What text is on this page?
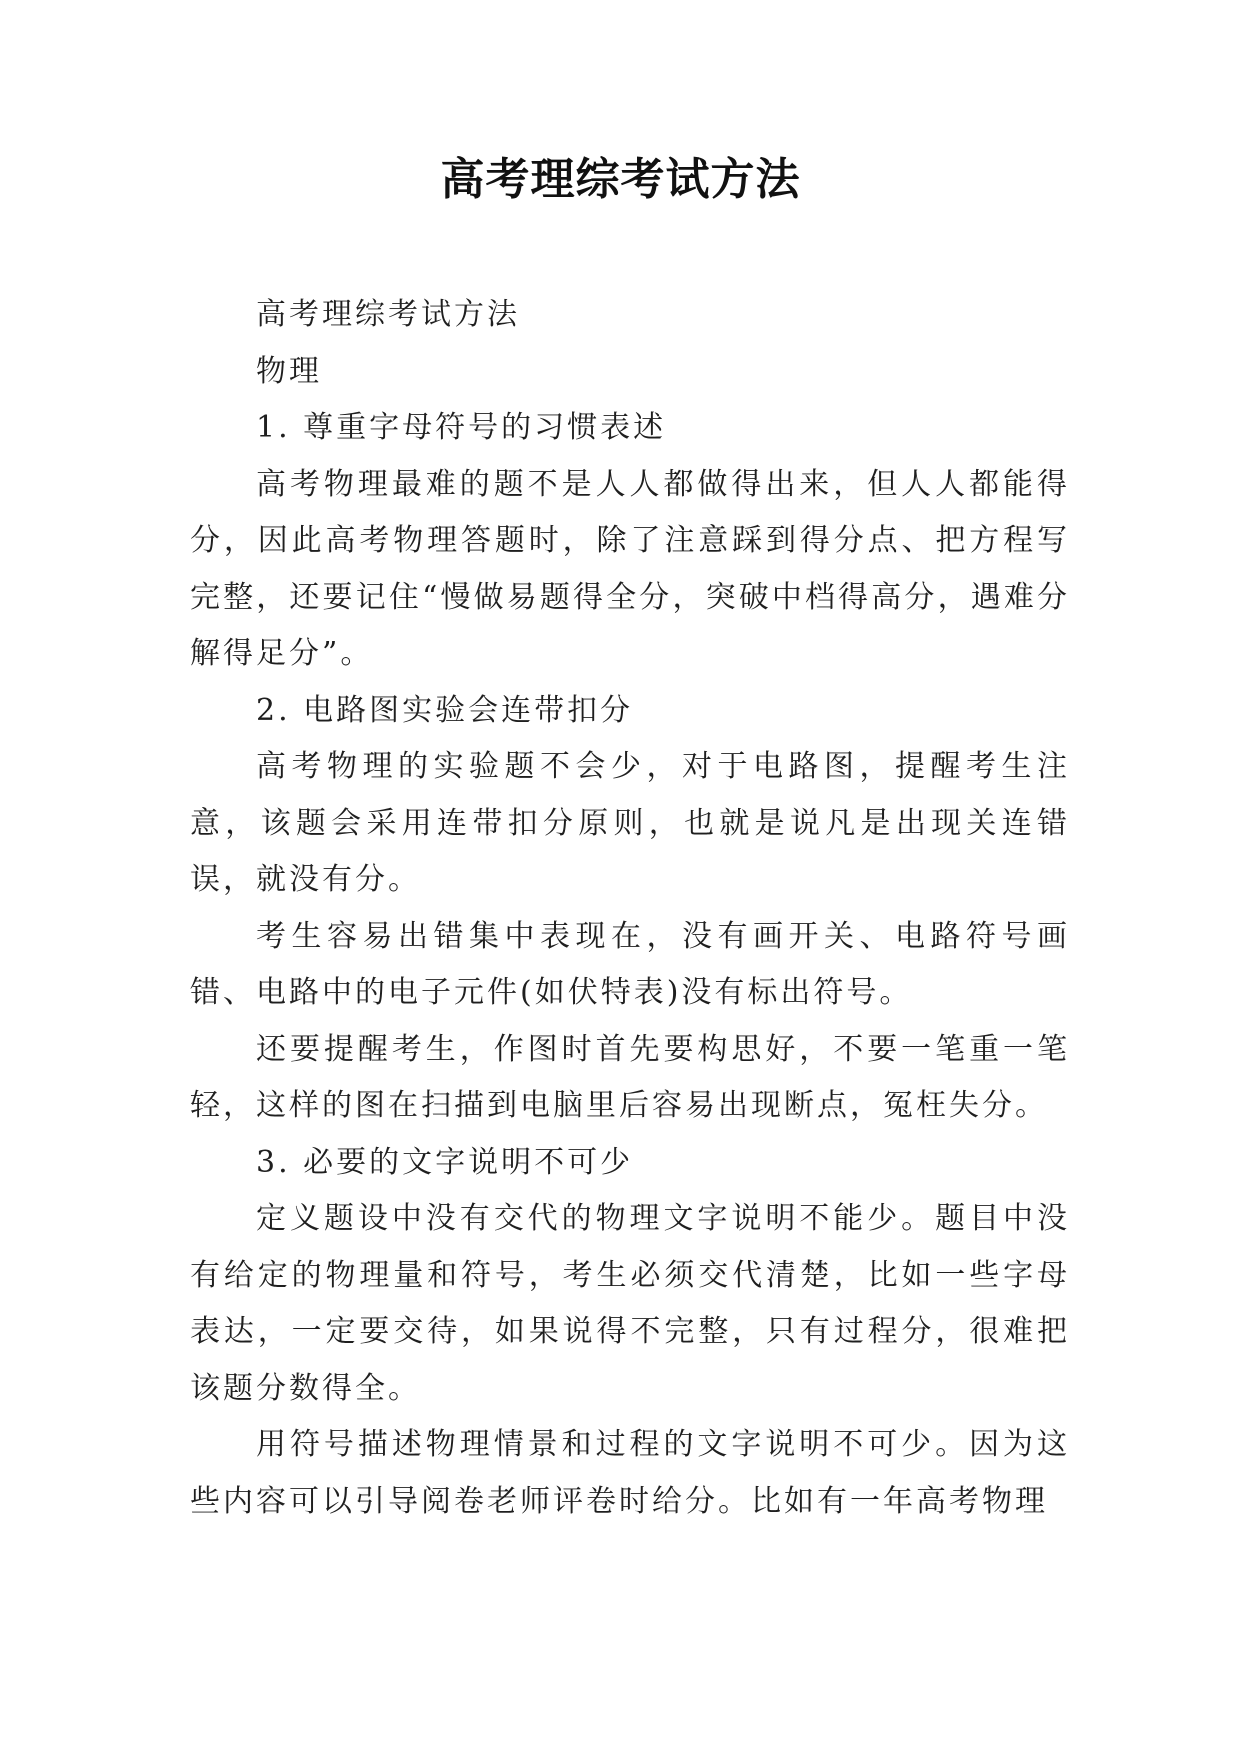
高考理综考试方法

高考理综考试方法

物理

1. 尊重字母符号的习惯表述

高考物理最难的题不是人人都做得出来，但人人都能得分，因此高考物理答题时，除了注意踩到得分点、把方程写完整，还要记住“慢做易题得全分，突破中档得高分，遇难分解得足分”。

2. 电路图实验会连带扣分

高考物理的实验题不会少，对于电路图，提醒考生注意，该题会采用连带扣分原则，也就是说凡是出现关连错误，就没有分。

考生容易出错集中表现在，没有画开关、电路符号画错、电路中的电子元件(如伏特表)没有标出符号。

还要提醒考生，作图时首先要构思好，不要一笔重一笔轻，这样的图在扫描到电脑里后容易出现断点，冤枉失分。

3. 必要的文字说明不可少

定义题设中没有交代的物理文字说明不能少。题目中没有给定的物理量和符号，考生必须交代清楚，比如一些字母表达，一定要交待，如果说得不完整，只有过程分，很难把该题分数得全。

用符号描述物理情景和过程的文字说明不可少。因为这些内容可以引导阅卷老师评卷时给分。比如有一年高考物理
